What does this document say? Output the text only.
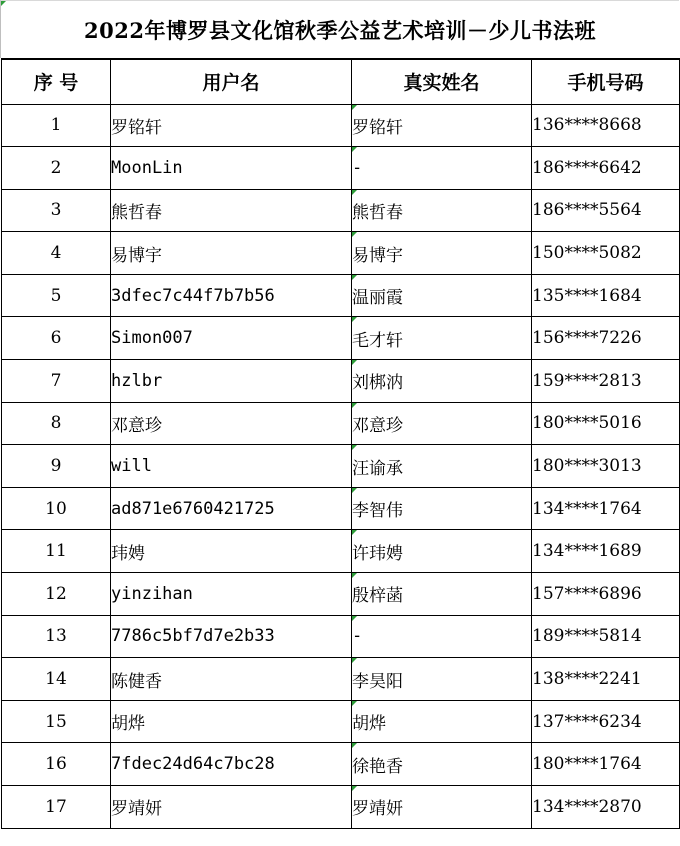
2022年博罗县文化馆秋季公益艺术培训－少儿书法班
序 号	用户名	真实姓名	手机号码
1	罗铭轩	罗铭轩	136****8668
2	MoonLin	-	186****6642
3	熊哲春	熊哲春	186****5564
4	易博宇	易博宇	150****5082
5	3dfec7c44f7b7b56	温丽霞	135****1684
6	Simon007	毛才轩	156****7226
7	hzlbr	刘梆汭	159****2813
8	邓意珍	邓意珍	180****5016
9	will	汪谕承	180****3013
10	ad871e6760421725	李智伟	134****1764
11	玮娉	许玮娉	134****1689
12	yinzihan	殷梓菡	157****6896
13	7786c5bf7d7e2b33	-	189****5814
14	陈健香	李昊阳	138****2241
15	胡烨	胡烨	137****6234
16	7fdec24d64c7bc28	徐艳香	180****1764
17	罗靖妍	罗靖妍	134****2870
